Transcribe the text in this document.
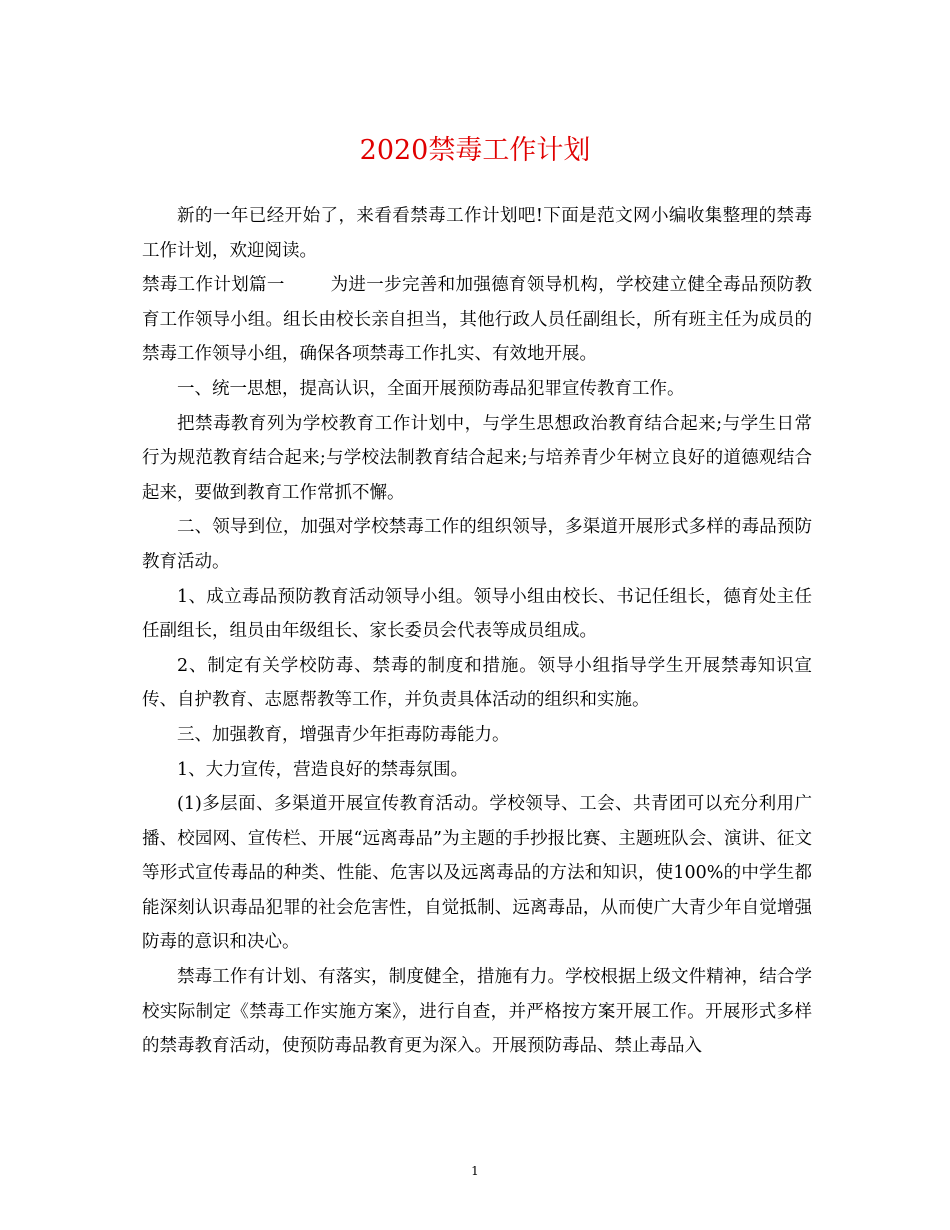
2020禁毒工作计划

新的一年已经开始了，来看看禁毒工作计划吧!下面是范文网小编收集整理的禁毒工作计划，欢迎阅读。

禁毒工作计划篇一	为进一步完善和加强德育领导机构，学校建立健全毒品预防教育工作领导小组。组长由校长亲自担当，其他行政人员任副组长，所有班主任为成员的禁毒工作领导小组，确保各项禁毒工作扎实、有效地开展。

一、统一思想，提高认识，全面开展预防毒品犯罪宣传教育工作。

把禁毒教育列为学校教育工作计划中，与学生思想政治教育结合起来;与学生日常行为规范教育结合起来;与学校法制教育结合起来;与培养青少年树立良好的道德观结合起来，要做到教育工作常抓不懈。

二、领导到位，加强对学校禁毒工作的组织领导，多渠道开展形式多样的毒品预防教育活动。

1、成立毒品预防教育活动领导小组。领导小组由校长、书记任组长，德育处主任任副组长，组员由年级组长、家长委员会代表等成员组成。

2、制定有关学校防毒、禁毒的制度和措施。领导小组指导学生开展禁毒知识宣传、自护教育、志愿帮教等工作，并负责具体活动的组织和实施。

三、加强教育，增强青少年拒毒防毒能力。

1、大力宣传，营造良好的禁毒氛围。

(1)多层面、多渠道开展宣传教育活动。学校领导、工会、共青团可以充分利用广播、校园网、宣传栏、开展“远离毒品”为主题的手抄报比赛、主题班队会、演讲、征文等形式宣传毒品的种类、性能、危害以及远离毒品的方法和知识，使100%的中学生都能深刻认识毒品犯罪的社会危害性，自觉抵制、远离毒品，从而使广大青少年自觉增强防毒的意识和决心。

禁毒工作有计划、有落实，制度健全，措施有力。学校根据上级文件精神，结合学校实际制定《禁毒工作实施方案》，进行自查，并严格按方案开展工作。开展形式多样的禁毒教育活动，使预防毒品教育更为深入。开展预防毒品、禁止毒品入

1
